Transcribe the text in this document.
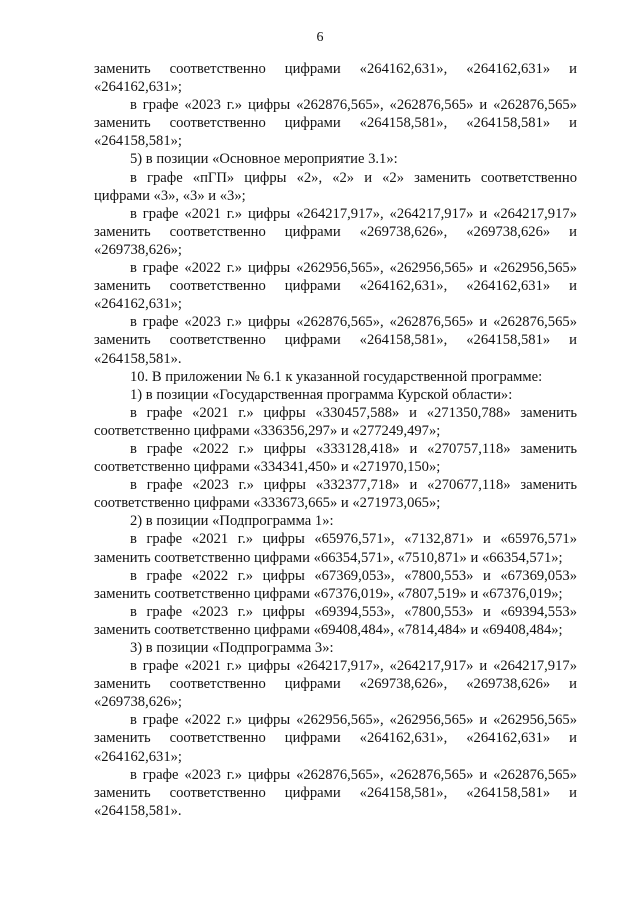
6

заменить соответственно цифрами «264162,631», «264162,631» и «264162,631»;

в графе «2023 г.» цифры «262876,565», «262876,565» и «262876,565» заменить соответственно цифрами «264158,581», «264158,581» и «264158,581»;

5) в позиции «Основное мероприятие 3.1»:

в графе «пГП» цифры «2», «2» и «2» заменить соответственно цифрами «3», «3» и «3»;

в графе «2021 г.» цифры «264217,917», «264217,917» и «264217,917» заменить соответственно цифрами «269738,626», «269738,626» и «269738,626»;

в графе «2022 г.» цифры «262956,565», «262956,565» и «262956,565» заменить соответственно цифрами «264162,631», «264162,631» и «264162,631»;

в графе «2023 г.» цифры «262876,565», «262876,565» и «262876,565» заменить соответственно цифрами «264158,581», «264158,581» и «264158,581».

10. В приложении № 6.1 к указанной государственной программе:

1) в позиции «Государственная программа Курской области»:

в графе «2021 г.» цифры «330457,588» и «271350,788» заменить соответственно цифрами «336356,297» и «277249,497»;

в графе «2022 г.» цифры «333128,418» и «270757,118» заменить соответственно цифрами «334341,450» и «271970,150»;

в графе «2023 г.» цифры «332377,718» и «270677,118» заменить соответственно цифрами «333673,665» и «271973,065»;

2) в позиции «Подпрограмма 1»:

в графе «2021 г.» цифры «65976,571», «7132,871» и «65976,571» заменить соответственно цифрами «66354,571», «7510,871» и «66354,571»;

в графе «2022 г.» цифры «67369,053», «7800,553» и «67369,053» заменить соответственно цифрами «67376,019», «7807,519» и «67376,019»;

в графе «2023 г.» цифры «69394,553», «7800,553» и «69394,553» заменить соответственно цифрами «69408,484», «7814,484» и «69408,484»;

3) в позиции «Подпрограмма 3»:

в графе «2021 г.» цифры «264217,917», «264217,917» и «264217,917» заменить соответственно цифрами «269738,626», «269738,626» и «269738,626»;

в графе «2022 г.» цифры «262956,565», «262956,565» и «262956,565» заменить соответственно цифрами «264162,631», «264162,631» и «264162,631»;

в графе «2023 г.» цифры «262876,565», «262876,565» и «262876,565» заменить соответственно цифрами «264158,581», «264158,581» и «264158,581».
